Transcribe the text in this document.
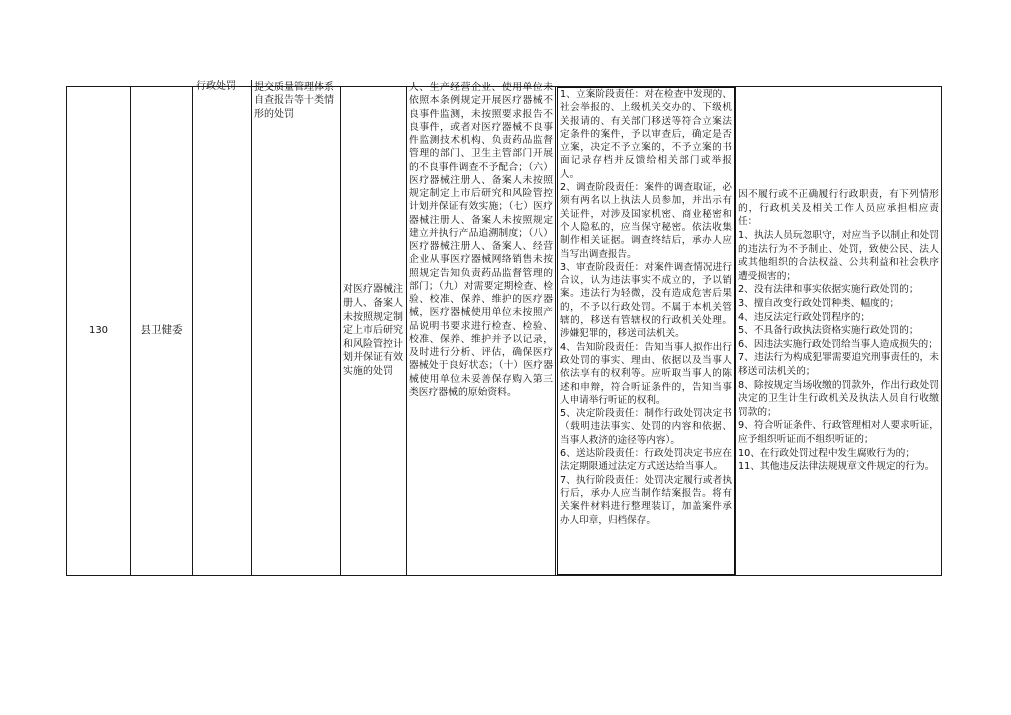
130	县卫健委
行政处罚	提交质量管理体系自查报告等十类情形的处罚
对医疗器械注册人、备案人未按照规定制定上市后研究和风险管控计划并保证有效实施的处罚
人、生产经营企业、使用单位未依照本条例规定开展医疗器械不良事件监测，未按照要求报告不良事件，或者对医疗器械不良事件监测技术机构、负责药品监督管理的部门、卫生主管部门开展的不良事件调查不予配合；（六）医疗器械注册人、备案人未按照规定制定上市后研究和风险管控计划并保证有效实施；（七）医疗器械注册人、备案人未按照规定建立并执行产品追溯制度；（八）医疗器械注册人、备案人、经营企业从事医疗器械网络销售未按照规定告知负责药品监督管理的部门；（九）对需要定期检查、检验、校准、保养、维护的医疗器械，医疗器械使用单位未按照产品说明书要求进行检查、检验、校准、保养、维护并予以记录，及时进行分析、评估，确保医疗器械处于良好状态；（十）医疗器械使用单位未妥善保存购入第三类医疗器械的原始资料。
1、立案阶段责任：对在检查中发现的、社会举报的、上级机关交办的、下级机关报请的、有关部门移送等符合立案法定条件的案件，予以审查后，确定是否立案，决定不予立案的，不予立案的书面记录存档并反馈给相关部门或举报人。
2、调查阶段责任：案件的调查取证，必须有两名以上执法人员参加，并出示有关证件，对涉及国家机密、商业秘密和个人隐私的，应当保守秘密。依法收集制作相关证据。调查终结后，承办人应当写出调查报告。
3、审查阶段责任：对案件调查情况进行合议，认为违法事实不成立的，予以销案。违法行为轻微，没有造成危害后果的，不予以行政处罚。不属于本机关管辖的，移送有管辖权的行政机关处理。涉嫌犯罪的，移送司法机关。
4、告知阶段责任：告知当事人拟作出行政处罚的事实、理由、依据以及当事人依法享有的权利等。应听取当事人的陈述和申辩，符合听证条件的，告知当事人申请举行听证的权利。
5、决定阶段责任：制作行政处罚决定书（载明违法事实、处罚的内容和依据、当事人救济的途径等内容）。
6、送达阶段责任：行政处罚决定书应在法定期限通过法定方式送达给当事人。
7、执行阶段责任：处罚决定履行或者执行后，承办人应当制作结案报告。将有关案件材料进行整理装订，加盖案件承办人印章，归档保存。
因不履行或不正确履行行政职责，有下列情形的，行政机关及相关工作人员应承担相应责任：
1、执法人员玩忽职守，对应当予以制止和处罚的违法行为不予制止、处罚，致使公民、法人或其他组织的合法权益、公共利益和社会秩序遭受损害的；
2、没有法律和事实依据实施行政处罚的；
3、擅自改变行政处罚种类、幅度的；
4、违反法定行政处罚程序的；
5、不具备行政执法资格实施行政处罚的；
6、因违法实施行政处罚给当事人造成损失的；
7、违法行为构成犯罪需要追究刑事责任的，未移送司法机关的；
8、除按规定当场收缴的罚款外，作出行政处罚决定的卫生计生行政机关及执法人员自行收缴罚款的；
9、符合听证条件、行政管理相对人要求听证，应予组织听证而不组织听证的；
10、在行政处罚过程中发生腐败行为的；
11、其他违反法律法规规章文件规定的行为。
